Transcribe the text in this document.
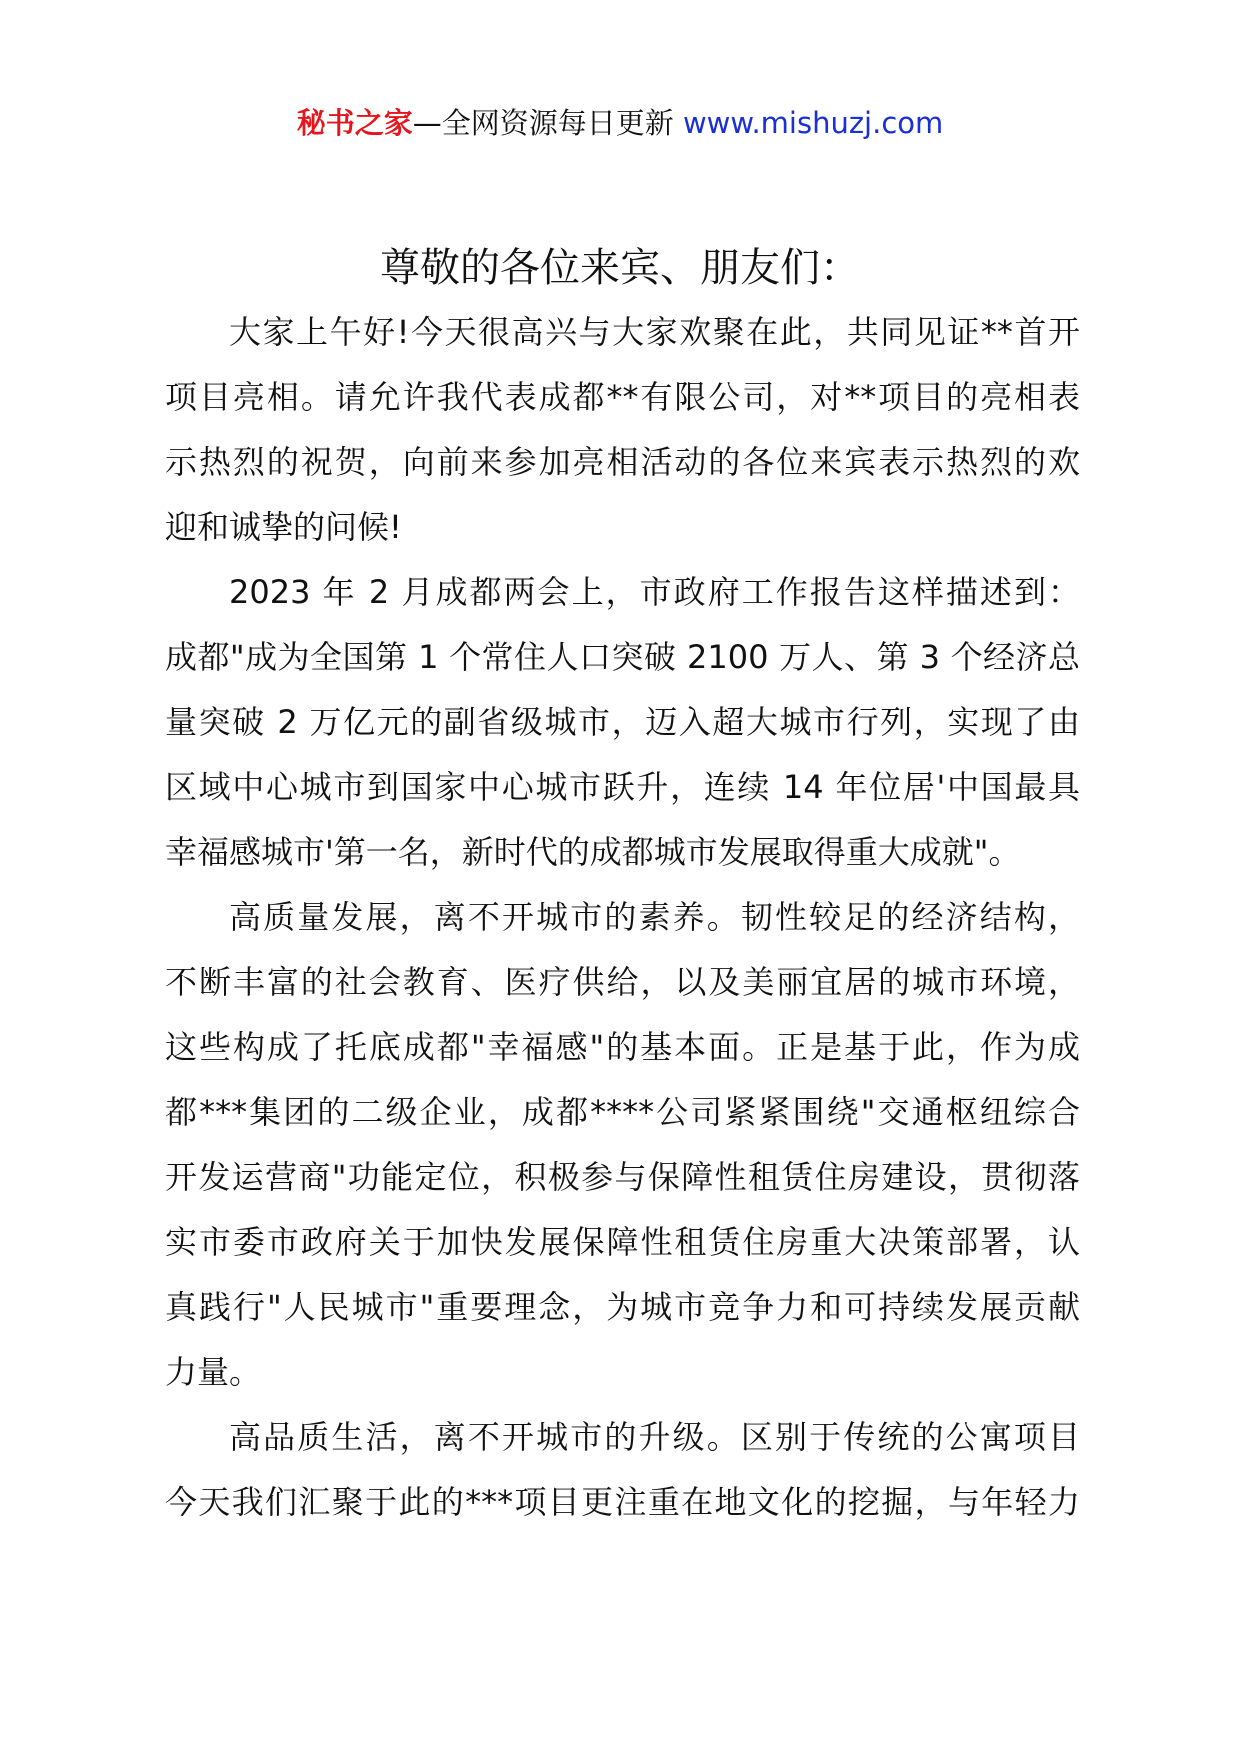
秘书之家—全网资源每日更新 www.mishuzj.com
尊敬的各位来宾、朋友们：
大家上午好!今天很高兴与大家欢聚在此，共同见证**首开
项目亮相。请允许我代表成都**有限公司，对**项目的亮相表
示热烈的祝贺，向前来参加亮相活动的各位来宾表示热烈的欢
迎和诚挚的问候!
2023 年 2 月成都两会上，市政府工作报告这样描述到：
成都"成为全国第 1 个常住人口突破 2100 万人、第 3 个经济总
量突破 2 万亿元的副省级城市，迈入超大城市行列，实现了由
区域中心城市到国家中心城市跃升，连续 14 年位居'中国最具
幸福感城市'第一名，新时代的成都城市发展取得重大成就"。
高质量发展，离不开城市的素养。韧性较足的经济结构，
不断丰富的社会教育、医疗供给，以及美丽宜居的城市环境，
这些构成了托底成都"幸福感"的基本面。正是基于此，作为成
都***集团的二级企业，成都****公司紧紧围绕"交通枢纽综合
开发运营商"功能定位，积极参与保障性租赁住房建设，贯彻落
实市委市政府关于加快发展保障性租赁住房重大决策部署，认
真践行"人民城市"重要理念，为城市竞争力和可持续发展贡献
力量。
高品质生活，离不开城市的升级。区别于传统的公寓项目
今天我们汇聚于此的***项目更注重在地文化的挖掘，与年轻力
